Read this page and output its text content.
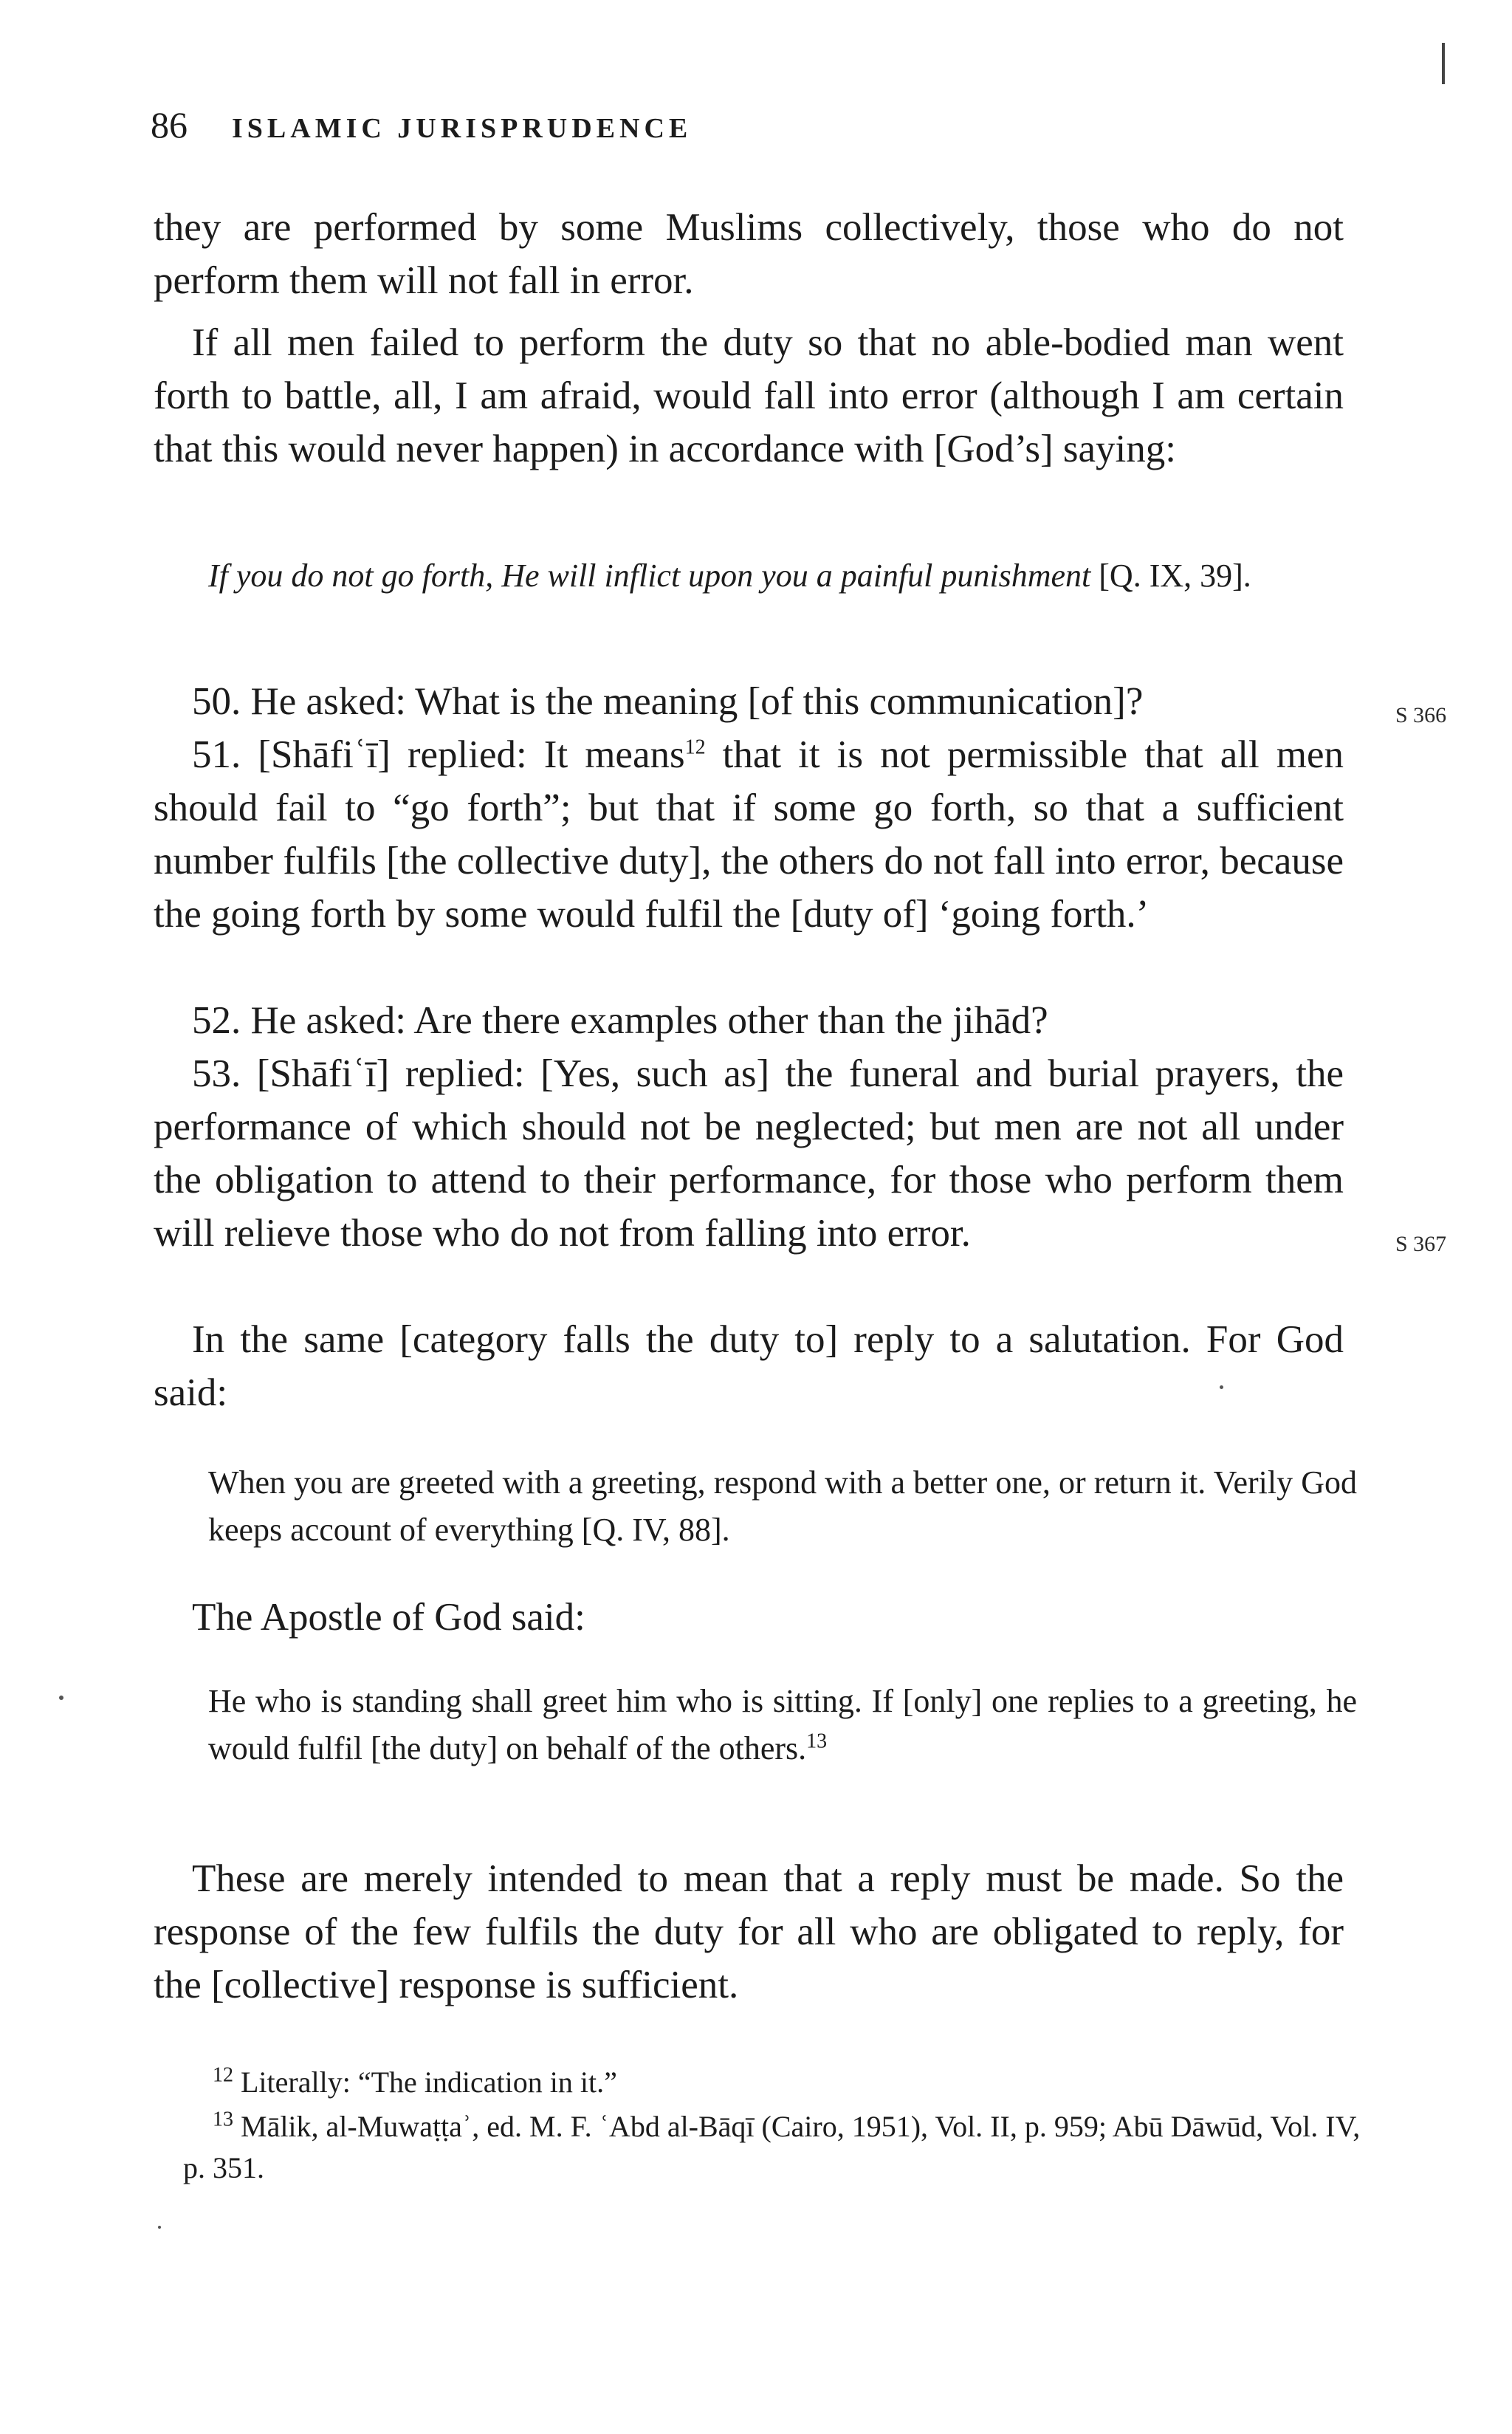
86 ISLAMIC JURISPRUDENCE

they are performed by some Muslims collectively, those who do not perform them will not fall in error.

If all men failed to perform the duty so that no able-bodied man went forth to battle, all, I am afraid, would fall into error (although I am certain that this would never happen) in accordance with [God’s] saying:

If you do not go forth, He will inflict upon you a painful punishment [Q. IX, 39].

50. He asked: What is the meaning [of this communication]?	S 366

51. [Shāfiʿī] replied: It means$^{12}$ that it is not permissible that all men should fail to “go forth”; but that if some go forth, so that a sufficient number fulfils [the collective duty], the others do not fall into error, because the going forth by some would fulfil the [duty of] ‘going forth.’

52. He asked: Are there examples other than the jihād?

53. [Shāfiʿī] replied: [Yes, such as] the funeral and burial prayers, the performance of which should not be neglected; but men are not all under the obligation to attend to their performance, for those who perform them will relieve those who do not from falling into error.	S 367

In the same [category falls the duty to] reply to a salutation. For God said:

When you are greeted with a greeting, respond with a better one, or return it. Verily God keeps account of everything [Q. IV, 88].

The Apostle of God said:

He who is standing shall greet him who is sitting. If [only] one replies to a greeting, he would fulfil [the duty] on behalf of the others.$^{13}$

These are merely intended to mean that a reply must be made. So the response of the few fulfils the duty for all who are obligated to reply, for the [collective] response is sufficient.

$^{12}$ Literally: “The indication in it.”

$^{13}$ Mālik, al-Muwaṭṭaʾ, ed. M. F. ʿAbd al-Bāqī (Cairo, 1951), Vol. II, p. 959; Abū Dāwūd, Vol. IV, p. 351.
